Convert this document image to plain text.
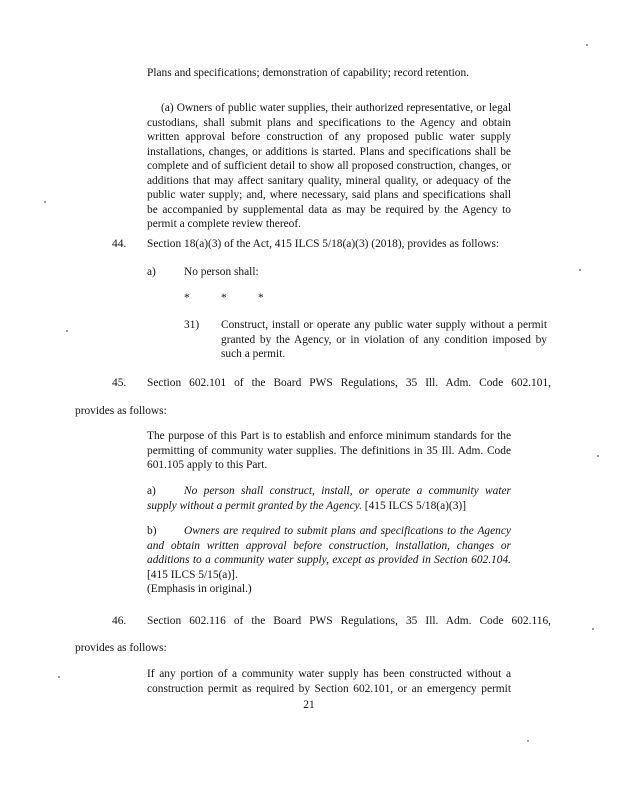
Plans and specifications; demonstration of capability; record retention.

(a) Owners of public water supplies, their authorized representative, or legal custodians, shall submit plans and specifications to the Agency and obtain written approval before construction of any proposed public water supply installations, changes, or additions is started. Plans and specifications shall be complete and of sufficient detail to show all proposed construction, changes, or additions that may affect sanitary quality, mineral quality, or adequacy of the public water supply; and, where necessary, said plans and specifications shall be accompanied by supplemental data as may be required by the Agency to permit a complete review thereof.

44. Section 18(a)(3) of the Act, 415 ILCS 5/18(a)(3) (2018), provides as follows:

a) No person shall:

*	*	*
31) Construct, install or operate any public water supply without a permit granted by the Agency, or in violation of any condition imposed by such a permit.

45. Section 602.101 of the Board PWS Regulations, 35 Ill. Adm. Code 602.101,

provides as follows:

The purpose of this Part is to establish and enforce minimum standards for the permitting of community water supplies. The definitions in 35 Ill. Adm. Code 601.105 apply to this Part.

a)	No person shall construct, install, or operate a community water supply without a permit granted by the Agency. [415 ILCS 5/18(a)(3)]

b)	Owners are required to submit plans and specifications to the Agency and obtain written approval before construction, installation, changes or additions to a community water supply, except as provided in Section 602.104. [415 ILCS 5/15(a)].

(Emphasis in original.)

46. Section 602.116 of the Board PWS Regulations, 35 Ill. Adm. Code 602.116,

provides as follows:

If any portion of a community water supply has been constructed without a construction permit as required by Section 602.101, or an emergency permit

21
